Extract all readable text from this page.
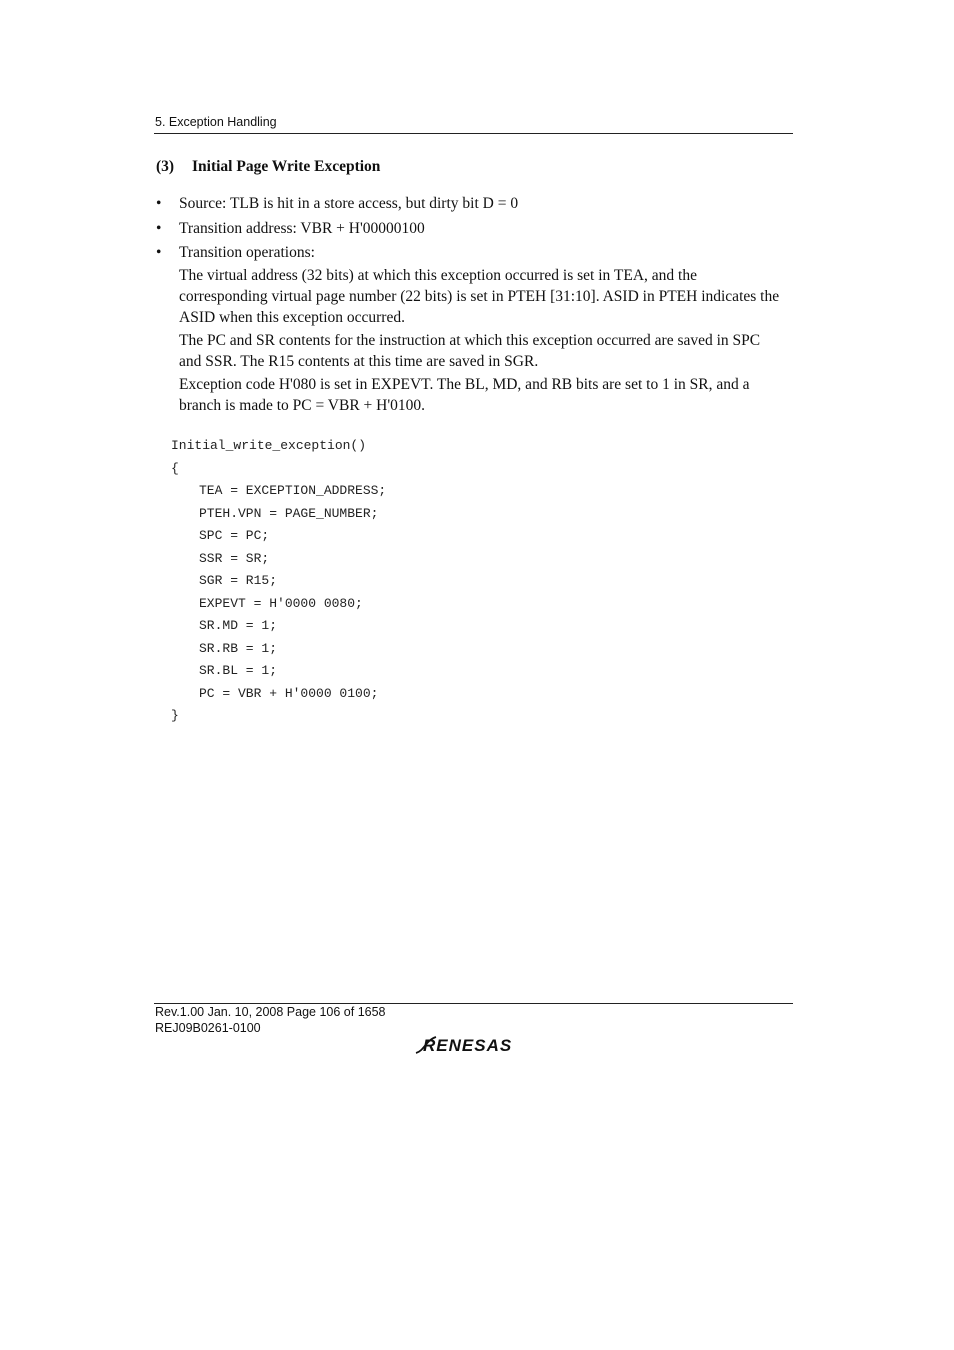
5. Exception Handling
(3) Initial Page Write Exception
• Source: TLB is hit in a store access, but dirty bit D = 0
• Transition address: VBR + H'00000100
• Transition operations:

The virtual address (32 bits) at which this exception occurred is set in TEA, and the corresponding virtual page number (22 bits) is set in PTEH [31:10]. ASID in PTEH indicates the ASID when this exception occurred.

The PC and SR contents for the instruction at which this exception occurred are saved in SPC and SSR. The R15 contents at this time are saved in SGR.

Exception code H'080 is set in EXPEVT. The BL, MD, and RB bits are set to 1 in SR, and a branch is made to PC = VBR + H'0100.

Initial_write_exception()
{
TEA = EXCEPTION_ADDRESS;
PTEH.VPN = PAGE_NUMBER;
SPC = PC;
SSR = SR;
SGR = R15;
EXPEVT = H'0000 0080;
SR.MD = 1;
SR.RB = 1;
SR.BL = 1;
PC = VBR + H'0000 0100;
}
Rev.1.00 Jan. 10, 2008 Page 106 of 1658
REJ09B0261-0100
RENESAS
